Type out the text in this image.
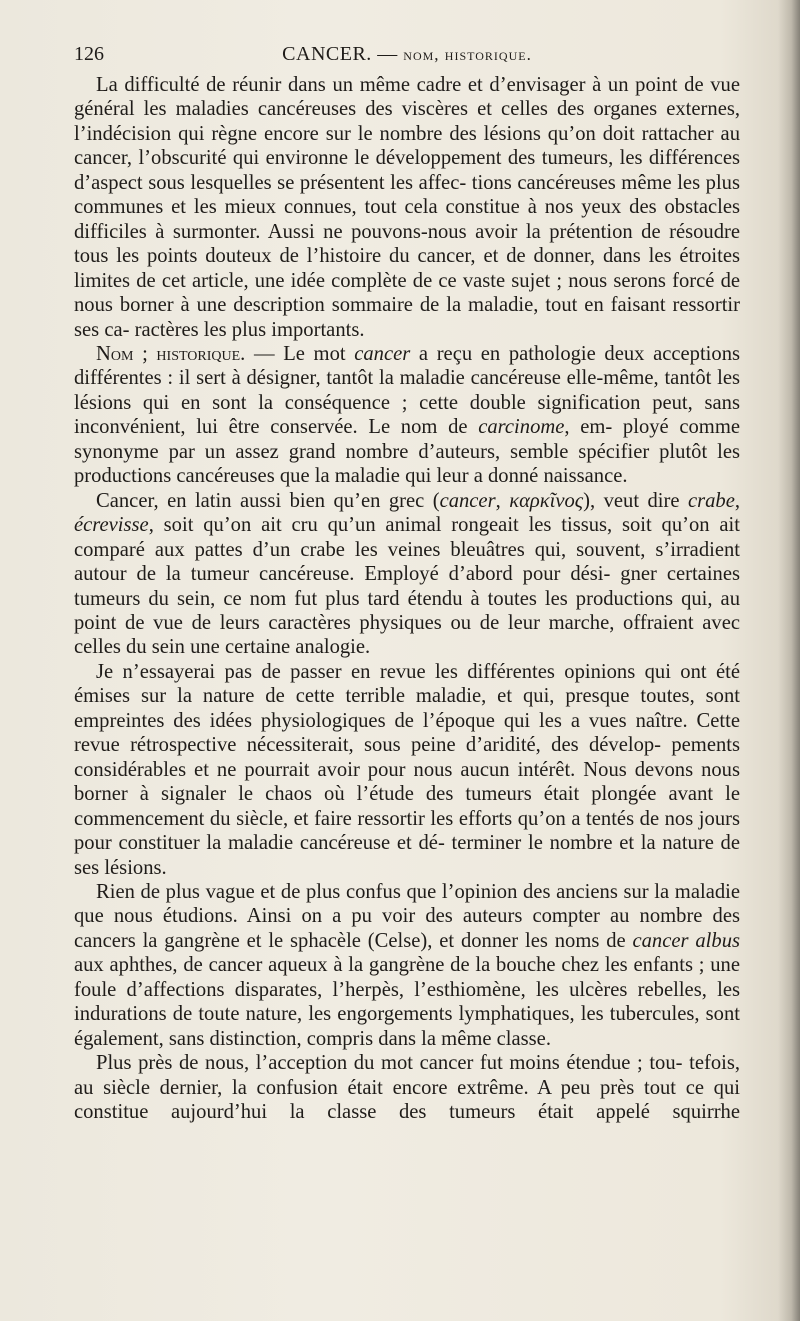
126	CANCER. — nom, historique.

La difficulté de réunir dans un même cadre et d’envisager à un point de vue général les maladies cancéreuses des viscères et celles des organes externes, l’indécision qui règne encore sur le nombre des lésions qu’on doit rattacher au cancer, l’obscurité qui environne le développement des tumeurs, les différences d’aspect sous lesquelles se présentent les affec- tions cancéreuses même les plus communes et les mieux connues, tout cela constitue à nos yeux des obstacles difficiles à surmonter. Aussi ne pouvons-nous avoir la prétention de résoudre tous les points douteux de l’histoire du cancer, et de donner, dans les étroites limites de cet article, une idée complète de ce vaste sujet ; nous serons forcé de nous borner à une description sommaire de la maladie, tout en faisant ressortir ses ca- ractères les plus importants.

Nom ; historique. — Le mot cancer a reçu en pathologie deux acceptions différentes : il sert à désigner, tantôt la maladie cancéreuse elle-même, tantôt les lésions qui en sont la conséquence ; cette double signification peut, sans inconvénient, lui être conservée. Le nom de carcinome, em- ployé comme synonyme par un assez grand nombre d’auteurs, semble spécifier plutôt les productions cancéreuses que la maladie qui leur a donné naissance.

Cancer, en latin aussi bien qu’en grec (cancer, καρκῖνος), veut dire crabe, écrevisse, soit qu’on ait cru qu’un animal rongeait les tissus, soit qu’on ait comparé aux pattes d’un crabe les veines bleuâtres qui, souvent, s’irradient autour de la tumeur cancéreuse. Employé d’abord pour dési- gner certaines tumeurs du sein, ce nom fut plus tard étendu à toutes les productions qui, au point de vue de leurs caractères physiques ou de leur marche, offraient avec celles du sein une certaine analogie.

Je n’essayerai pas de passer en revue les différentes opinions qui ont été émises sur la nature de cette terrible maladie, et qui, presque toutes, sont empreintes des idées physiologiques de l’époque qui les a vues naître. Cette revue rétrospective nécessiterait, sous peine d’aridité, des dévelop- pements considérables et ne pourrait avoir pour nous aucun intérêt. Nous devons nous borner à signaler le chaos où l’étude des tumeurs était plongée avant le commencement du siècle, et faire ressortir les efforts qu’on a tentés de nos jours pour constituer la maladie cancéreuse et dé- terminer le nombre et la nature de ses lésions.

Rien de plus vague et de plus confus que l’opinion des anciens sur la maladie que nous étudions. Ainsi on a pu voir des auteurs compter au nombre des cancers la gangrène et le sphacèle (Celse), et donner les noms de cancer albus aux aphthes, de cancer aqueux à la gangrène de la bouche chez les enfants ; une foule d’affections disparates, l’herpès, l’esthiomène, les ulcères rebelles, les indurations de toute nature, les engorgements lymphatiques, les tubercules, sont également, sans distinction, compris dans la même classe.

Plus près de nous, l’acception du mot cancer fut moins étendue ; tou- tefois, au siècle dernier, la confusion était encore extrême. A peu près tout ce qui constitue aujourd’hui la classe des tumeurs était appelé squirrhe
